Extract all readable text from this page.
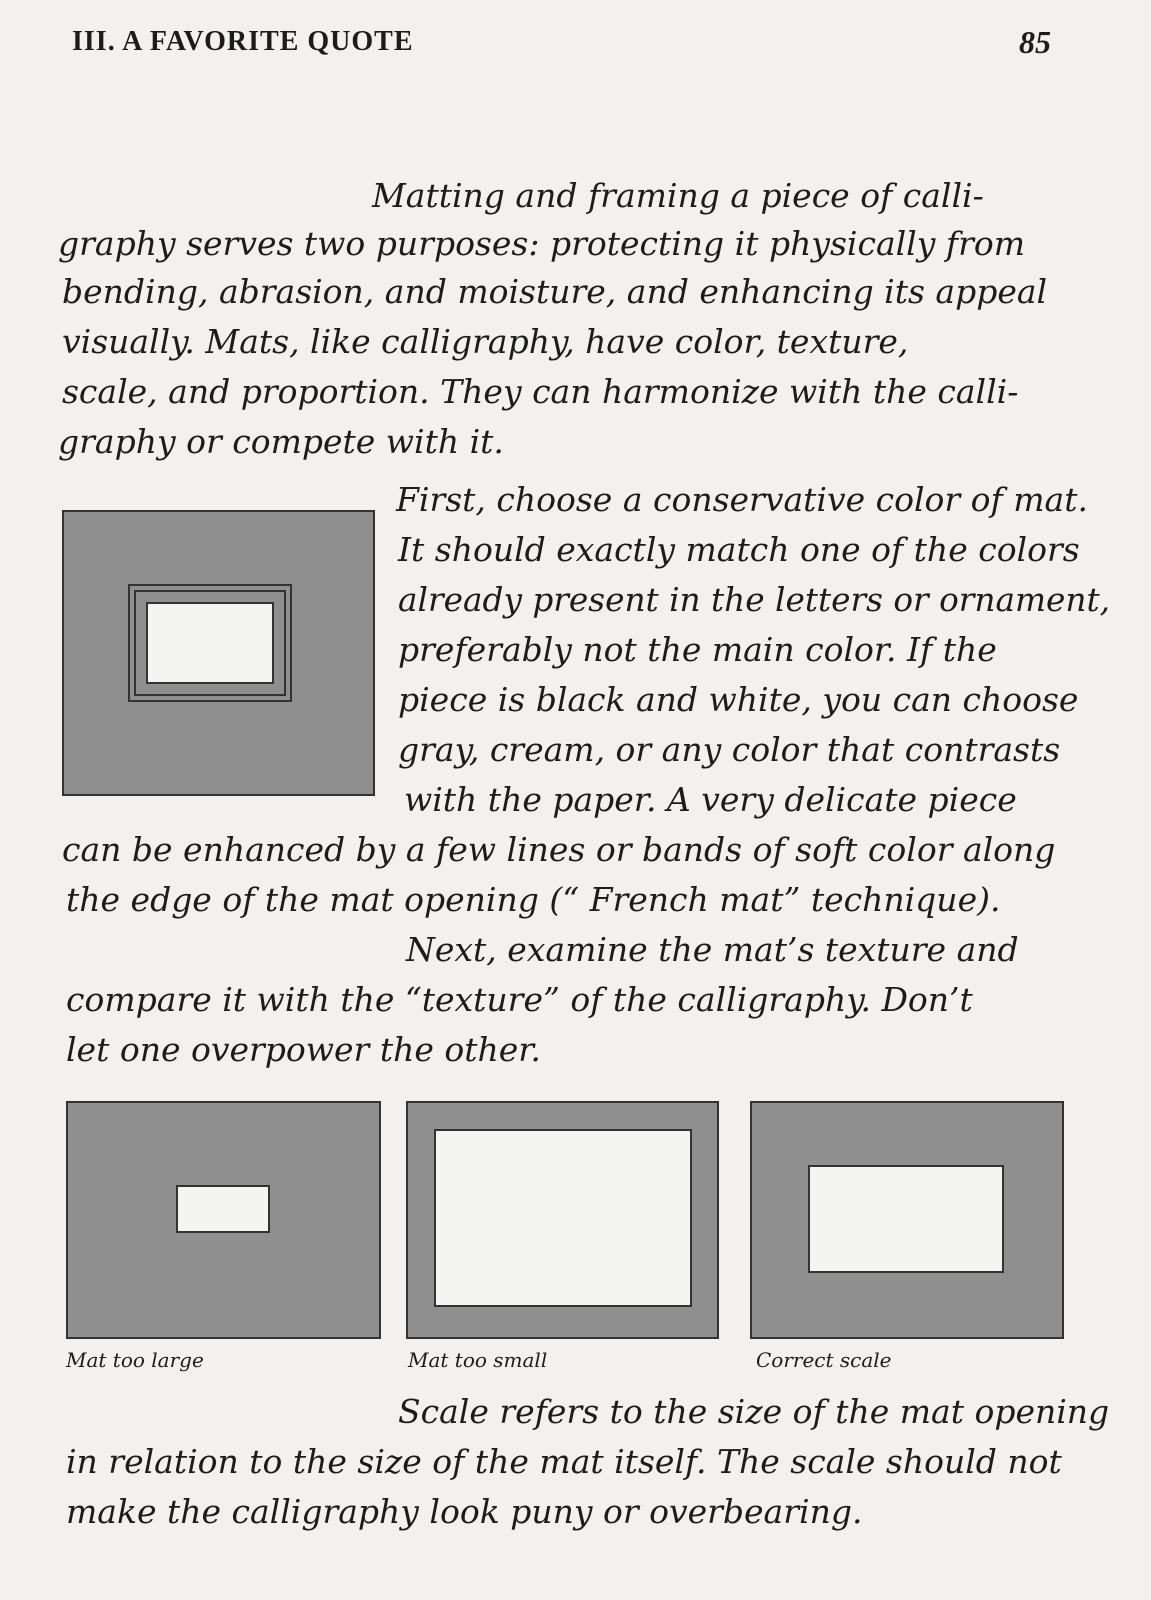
III. A FAVORITE QUOTE	85
Matting and framing a piece of calli-
graphy serves two purposes: protecting it physically from
bending, abrasion, and moisture, and enhancing its appeal
visually. Mats, like calligraphy, have color, texture,
scale, and proportion. They can harmonize with the calli-
graphy or compete with it.
First, choose a conservative color of mat.
It should exactly match one of the colors
already present in the letters or ornament,
preferably not the main color. If the
piece is black and white, you can choose
gray, cream, or any color that contrasts
with the paper. A very delicate piece
can be enhanced by a few lines or bands of soft color along
the edge of the mat opening (“ French mat” technique).
Next, examine the mat’s texture and
compare it with the “texture” of the calligraphy. Don’t
let one overpower the other.
Mat too large	Mat too small	Correct scale
Scale refers to the size of the mat opening
in relation to the size of the mat itself. The scale should not
make the calligraphy look puny or overbearing.
